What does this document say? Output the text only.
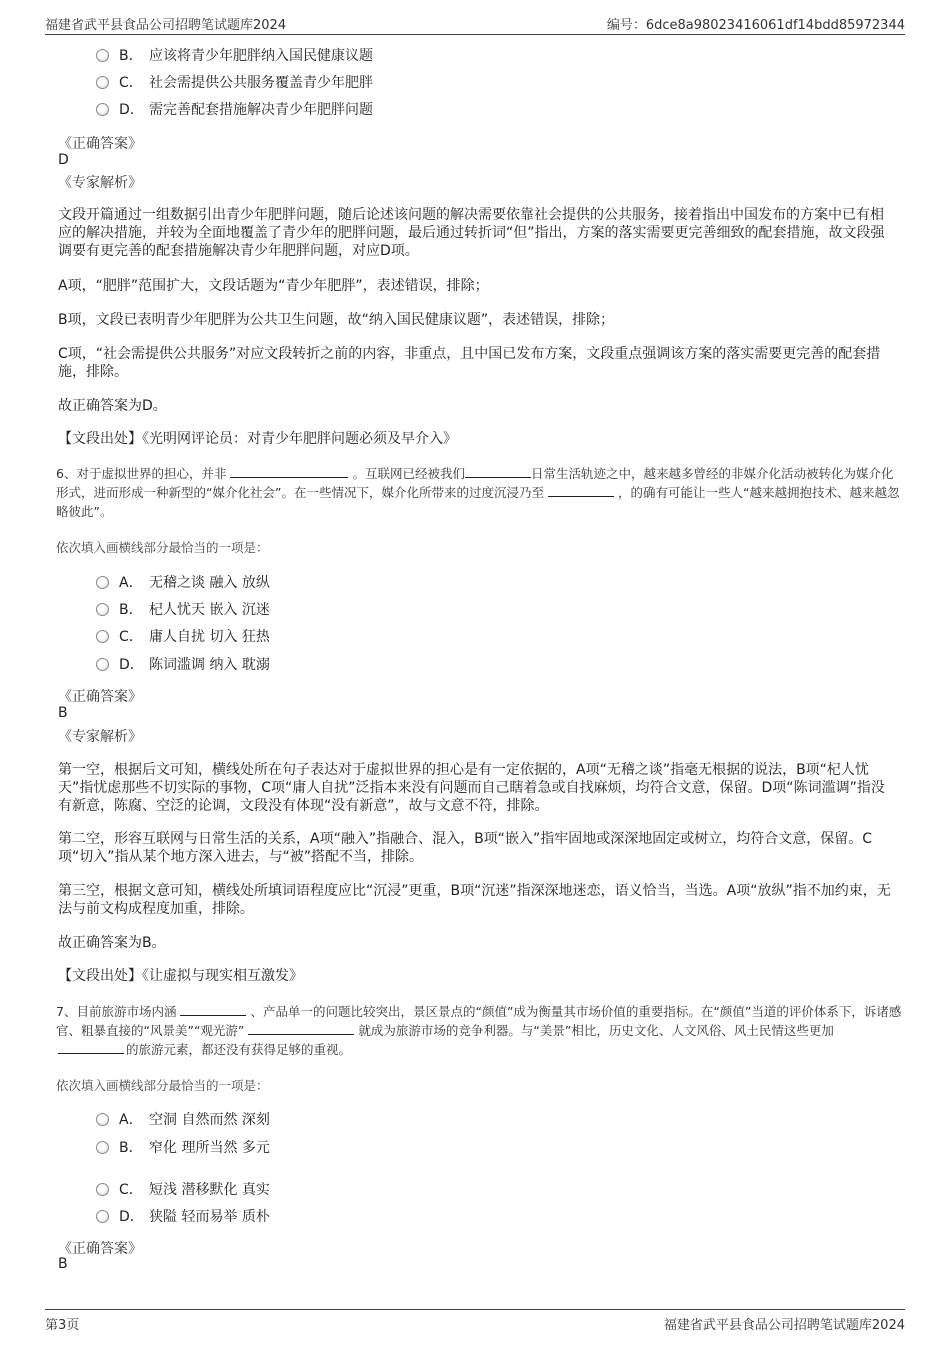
福建省武平县食品公司招聘笔试题库2024	编号：6dce8a98023416061df14bdd85972344
B． 应该将青少年肥胖纳入国民健康议题
C． 社会需提供公共服务覆盖青少年肥胖
D． 需完善配套措施解决青少年肥胖问题
《正确答案》
D
《专家解析》
文段开篇通过一组数据引出青少年肥胖问题，随后论述该问题的解决需要依靠社会提供的公共服务，接着指出中国发布的方案中已有相应的解决措施，并较为全面地覆盖了青少年的肥胖问题，最后通过转折词“但”指出，方案的落实需要更完善细致的配套措施，故文段强调要有更完善的配套措施解决青少年肥胖问题，对应D项。
A项，“肥胖”范围扩大，文段话题为“青少年肥胖”，表述错误，排除；
B项，文段已表明青少年肥胖为公共卫生问题，故“纳入国民健康议题”，表述错误，排除；
C项，“社会需提供公共服务”对应文段转折之前的内容，非重点，且中国已发布方案，文段重点强调该方案的落实需要更完善的配套措施，排除。
故正确答案为D。
【文段出处】《光明网评论员：对青少年肥胖问题必须及早介入》
6、对于虚拟世界的担心，并非	。互联网已经被我们	日常生活轨迹之中，越来越多曾经的非媒介化活动被转化为媒介化形式，进而形成一种新型的“媒介化社会”。在一些情况下，媒介化所带来的过度沉浸乃至	，的确有可能让一些人“越来越拥抱技术、越来越忽略彼此”。
依次填入画横线部分最恰当的一项是：
A． 无稽之谈 融入 放纵
B． 杞人忧天 嵌入 沉迷
C． 庸人自扰 切入 狂热
D． 陈词滥调 纳入 耽溺
《正确答案》
B
《专家解析》
第一空，根据后文可知，横线处所在句子表达对于虚拟世界的担心是有一定依据的，A项“无稽之谈”指毫无根据的说法，B项“杞人忧天”指忧虑那些不切实际的事物，C项“庸人自扰”泛指本来没有问题而自己瞎着急或自找麻烦，均符合文意，保留。D项“陈词滥调”指没有新意，陈腐、空泛的论调，文段没有体现“没有新意”，故与文意不符，排除。
第二空，形容互联网与日常生活的关系，A项“融入”指融合、混入，B项“嵌入”指牢固地或深深地固定或树立，均符合文意，保留。C项“切入”指从某个地方深入进去，与“被”搭配不当，排除。
第三空，根据文意可知，横线处所填词语程度应比“沉浸”更重，B项“沉迷”指深深地迷恋，语义恰当，当选。A项“放纵”指不加约束，无法与前文构成程度加重，排除。
故正确答案为B。
【文段出处】《让虚拟与现实相互激发》
7、目前旅游市场内涵	、产品单一的问题比较突出，景区景点的“颜值”成为衡量其市场价值的重要指标。在“颜值”当道的评价体系下，诉诸感官、粗暴直接的“风景美”“观光游”	就成为旅游市场的竞争利器。与“美景”相比，历史文化、人文风俗、风土民情这些更加的旅游元素，都还没有获得足够的重视。
依次填入画横线部分最恰当的一项是：
A． 空洞 自然而然 深刻
B． 窄化 理所当然 多元
C． 短浅 潜移默化 真实
D． 狭隘 轻而易举 质朴
《正确答案》
B
第3页	福建省武平县食品公司招聘笔试题库2024
